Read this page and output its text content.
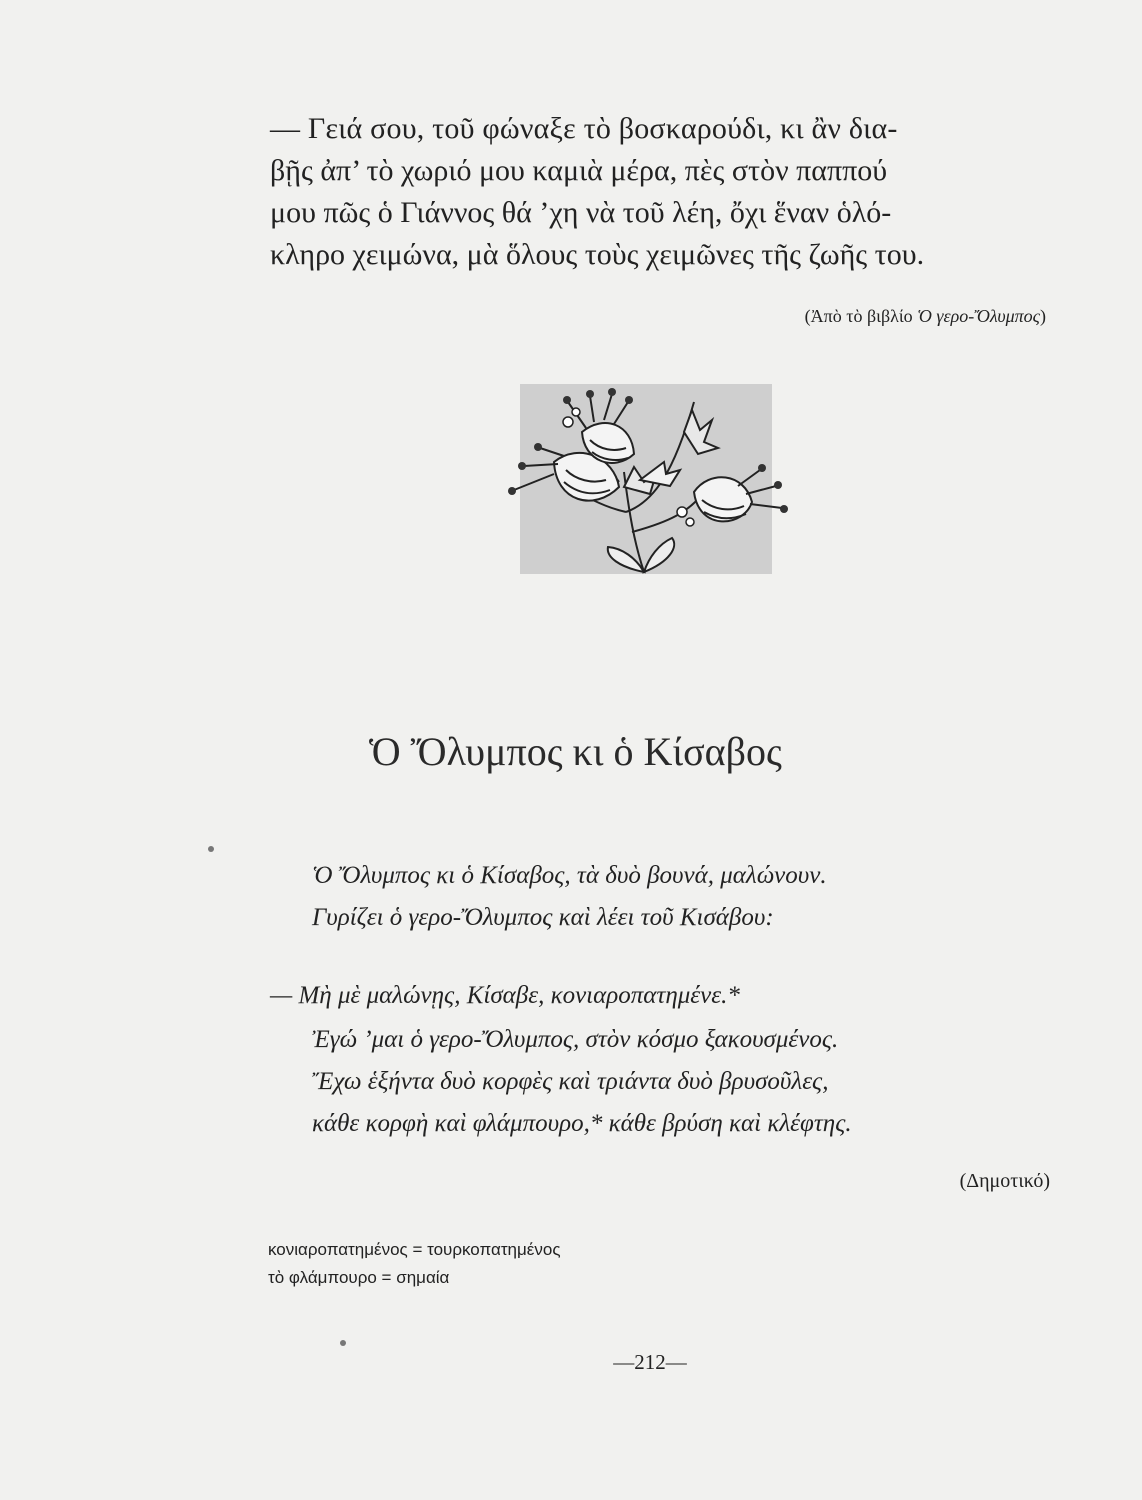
— Γειά σου, τοῦ φώναξε τὸ βοσκαρούδι, κι ἂν δια-

βῇς ἀπ’ τὸ χωριό μου καμιὰ μέρα, πὲς στὸν παππού

μου πῶς ὁ Γιάννος θά ’χη νὰ τοῦ λέη, ὄχι ἕναν ὁλό-

κληρο χειμώνα, μὰ ὅλους τοὺς χειμῶνες τῆς ζωῆς του.

(Ἀπὸ τὸ βιβλίο Ὁ γερο-Ὄλυμπος)
Ὁ Ὄλυμπος κι ὁ Κίσαβος
Ὁ Ὄλυμπος κι ὁ Κίσαβος, τὰ δυὸ βουνά, μαλώνουν.
Γυρίζει ὁ γερο-Ὄλυμπος καὶ λέει τοῦ Κισάβου:
— Μὴ μὲ μαλώνῃς, Κίσαβε, κονιαροπατημένε.*
Ἐγώ ’μαι ὁ γερο-Ὄλυμπος, στὸν κόσμο ξακουσμένος.
Ἔχω ἑξήντα δυὸ κορφὲς καὶ τριάντα δυὸ βρυσοῦλες,
κάθε κορφὴ καὶ φλάμπουρο,* κάθε βρύση καὶ κλέφτης.
(Δημοτικό)
κονιαροπατημένος = τουρκοπατημένος
τὸ φλάμπουρο = σημαία
—212—
